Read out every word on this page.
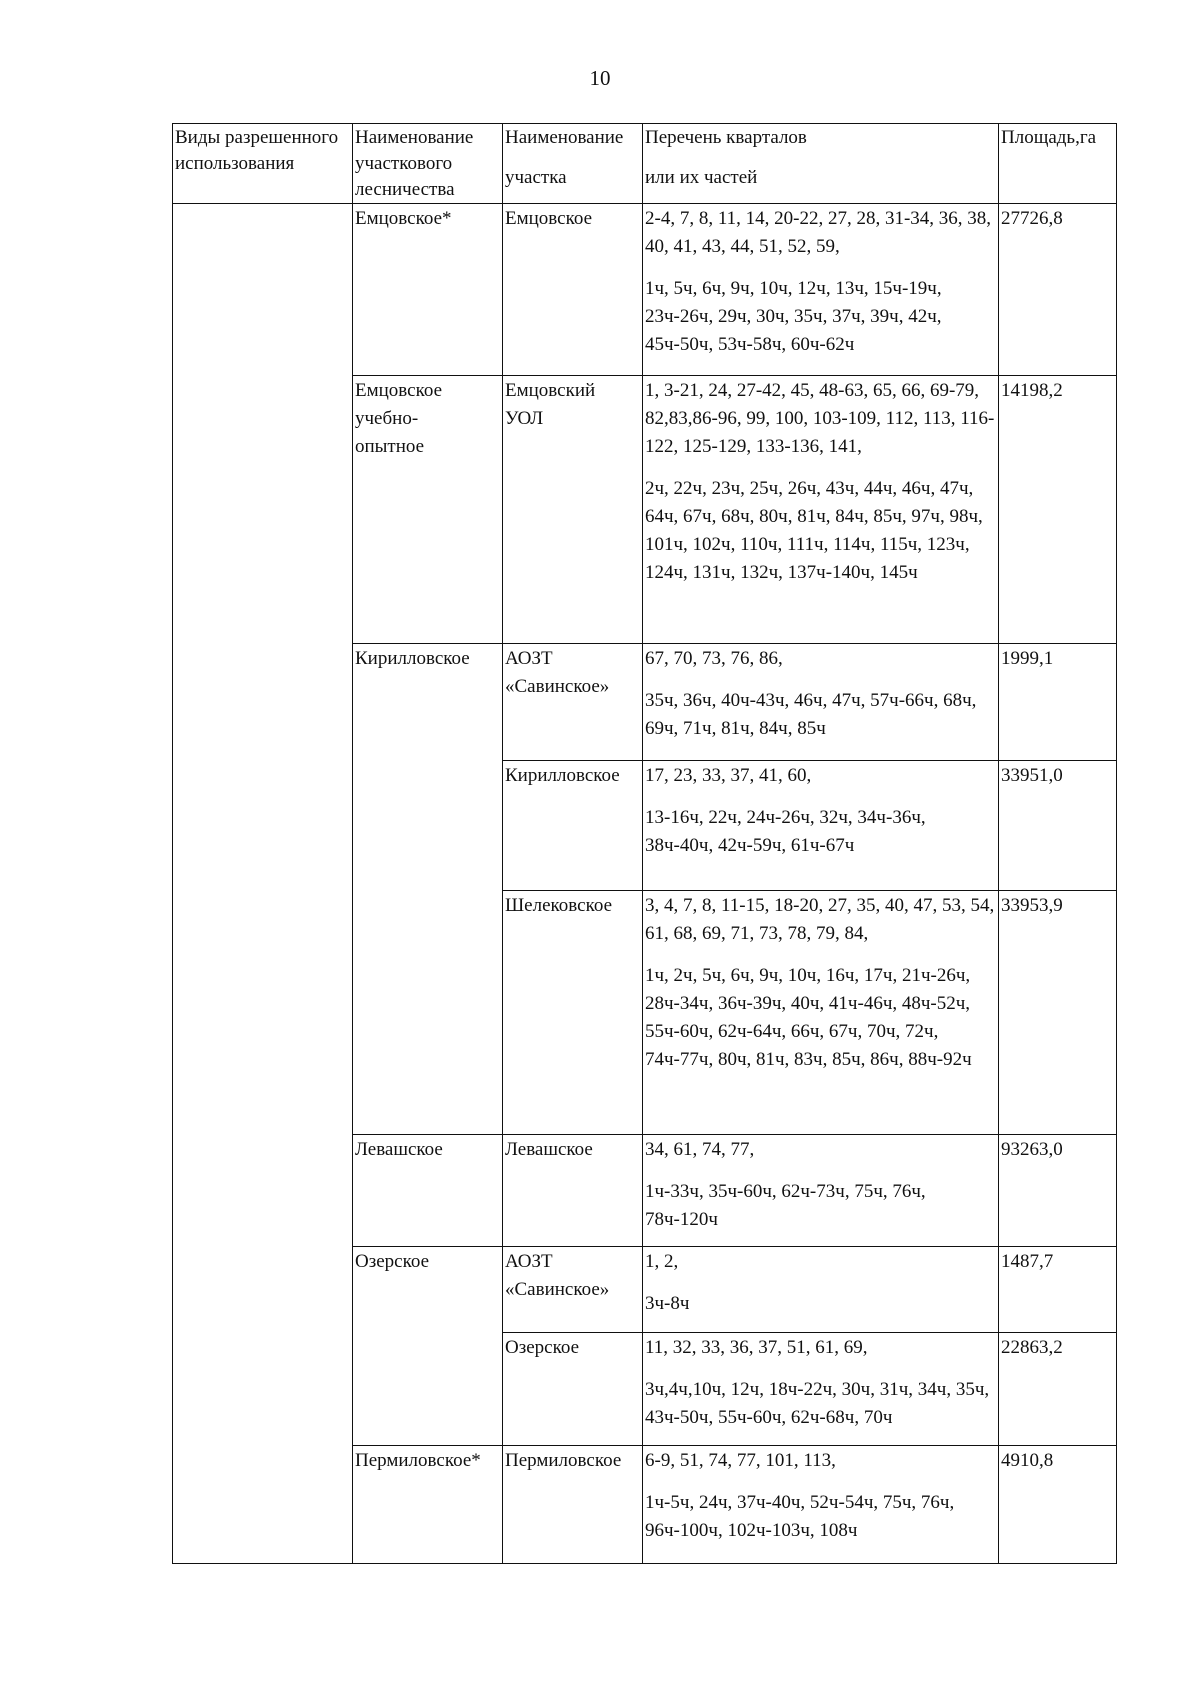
10
Виды разрешенного использования	Наименование участкового лесничества	Наименование
участка	Перечень кварталов
или их частей	Площадь,га
	Емцовское*	Емцовское	2-4, 7, 8, 11, 14, 20-22, 27, 28, 31-34, 36, 38, 40, 41, 43, 44, 51, 52, 59,
1ч, 5ч, 6ч, 9ч, 10ч, 12ч, 13ч, 15ч-19ч, 23ч-26ч, 29ч, 30ч, 35ч, 37ч, 39ч, 42ч, 45ч-50ч, 53ч-58ч, 60ч-62ч	27726,8
	Емцовское учебно-опытное	Емцовский УОЛ	1, 3-21, 24, 27-42, 45, 48-63, 65, 66, 69-79, 82,83,86-96, 99, 100, 103-109, 112, 113, 116-122, 125-129, 133-136, 141,
2ч, 22ч, 23ч, 25ч, 26ч, 43ч, 44ч, 46ч, 47ч, 64ч, 67ч, 68ч, 80ч, 81ч, 84ч, 85ч, 97ч, 98ч, 101ч, 102ч, 110ч, 111ч, 114ч, 115ч, 123ч, 124ч, 131ч, 132ч, 137ч-140ч, 145ч	14198,2
	Кирилловское	АОЗТ «Савинское»	67, 70, 73, 76, 86,
35ч, 36ч, 40ч-43ч, 46ч, 47ч, 57ч-66ч, 68ч, 69ч, 71ч, 81ч, 84ч, 85ч	1999,1
		Кирилловское	17, 23, 33, 37, 41, 60,
13-16ч, 22ч, 24ч-26ч, 32ч, 34ч-36ч, 38ч-40ч, 42ч-59ч, 61ч-67ч	33951,0
		Шелековское	3, 4, 7, 8, 11-15, 18-20, 27, 35, 40, 47, 53, 54, 61, 68, 69, 71, 73, 78, 79, 84,
1ч, 2ч, 5ч, 6ч, 9ч, 10ч, 16ч, 17ч, 21ч-26ч, 28ч-34ч, 36ч-39ч, 40ч, 41ч-46ч, 48ч-52ч, 55ч-60ч, 62ч-64ч, 66ч, 67ч, 70ч, 72ч, 74ч-77ч, 80ч, 81ч, 83ч, 85ч, 86ч, 88ч-92ч	33953,9
	Левашское	Левашское	34, 61, 74, 77,
1ч-33ч, 35ч-60ч, 62ч-73ч, 75ч, 76ч, 78ч-120ч	93263,0
	Озерское	АОЗТ «Савинское»	1, 2,
3ч-8ч	1487,7
		Озерское	11, 32, 33, 36, 37, 51, 61, 69,
3ч,4ч,10ч, 12ч, 18ч-22ч, 30ч, 31ч, 34ч, 35ч, 43ч-50ч, 55ч-60ч, 62ч-68ч, 70ч	22863,2
	Пермиловское*	Пермиловское	6-9, 51, 74, 77, 101, 113,
1ч-5ч, 24ч, 37ч-40ч, 52ч-54ч, 75ч, 76ч, 96ч-100ч, 102ч-103ч, 108ч	4910,8
